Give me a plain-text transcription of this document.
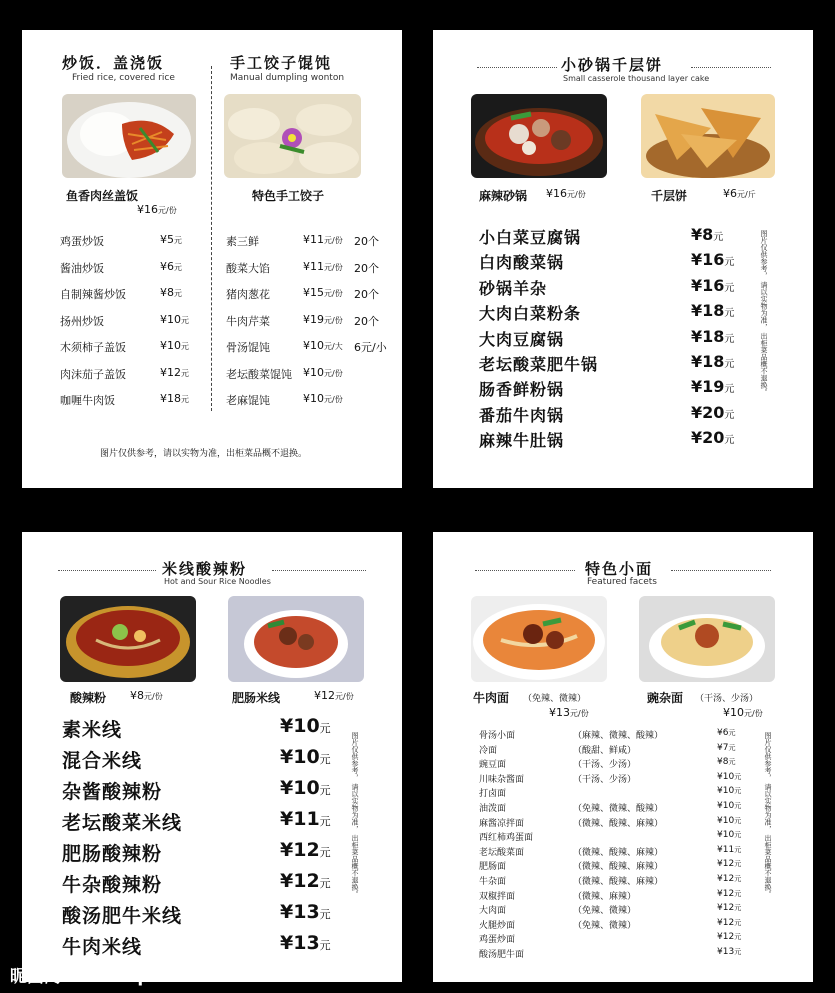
炒饭．盖浇饭
Fried rice, covered rice
手工饺子馄饨
Manual dumpling wonton
鱼香肉丝盖饭
¥16元/份
特色手工饺子
鸡蛋炒饭	¥5元
酱油炒饭	¥6元
自制辣酱炒饭	¥8元
扬州炒饭	¥10元
木须柿子盖饭	¥10元
肉沫茄子盖饭	¥12元
咖喱牛肉饭	¥18元
素三鲜	¥11元/份 20个
酸菜大馅	¥11元/份 20个
猪肉葱花	¥15元/份 20个
牛肉芹菜	¥19元/份 20个
骨汤馄饨	¥10元/大 6元/小
老坛酸菜馄饨 ¥10元/份
老麻馄饨	¥10元/份
图片仅供参考，请以实物为准，出柜菜品概不退换。
小砂锅千层饼
Small casserole thousand layer cake
麻辣砂锅 ¥16元/份	千层饼	¥6元/斤
小白菜豆腐锅	¥8元
白肉酸菜锅	¥16元
砂锅羊杂	¥16元
大肉白菜粉条	¥18元
大肉豆腐锅	¥18元
老坛酸菜肥牛锅	¥18元
肠香鲜粉锅	¥19元
番茄牛肉锅	¥20元
麻辣牛肚锅	¥20元
图片仅供参考， 请以实物为准， 出柜菜品概不退换。
米线酸辣粉
Hot and Sour Rice Noodles
酸辣粉 ¥8元/份	肥肠米线	¥12元/份
素米线	¥10元
混合米线	¥10元
杂酱酸辣粉	¥10元
老坛酸菜米线	¥11元
肥肠酸辣粉	¥12元
牛杂酸辣粉	¥12元
酸汤肥牛米线	¥13元
牛肉米线	¥13元
图片仅供参考， 请以实物为准， 出柜菜品概不退换。
特色小面
Featured facets
牛肉面 （免辣、微辣）
¥13元/份
豌杂面 （干汤、少汤）
¥10元/份
骨汤小面	（麻辣、微辣、酸辣）	¥6元
冷面	（酸甜、鲜咸）	¥7元
豌豆面	（干汤、少汤）	¥8元
川味杂酱面	（干汤、少汤）	¥10元
打卤面	¥10元
油泼面	（免辣、微辣、酸辣）	¥10元
麻酱凉拌面	（微辣、酸辣、麻辣）	¥10元
西红柿鸡蛋面	¥10元
老坛酸菜面	（微辣、酸辣、麻辣）	¥11元
肥肠面	（微辣、酸辣、麻辣）	¥12元
牛杂面	（微辣、酸辣、麻辣）	¥12元
双椒拌面	（微辣、麻辣）	¥12元
大肉面	（免辣、微辣）	¥12元
火腿炒面	（免辣、微辣）	¥12元
鸡蛋炒面	¥12元
酸汤肥牛面	¥13元
图片仅供参考， 请以实物为准， 出柜菜品概不退换。
昵图网 www.nipic.com	ID:22640527 NO:20191030154751858000
